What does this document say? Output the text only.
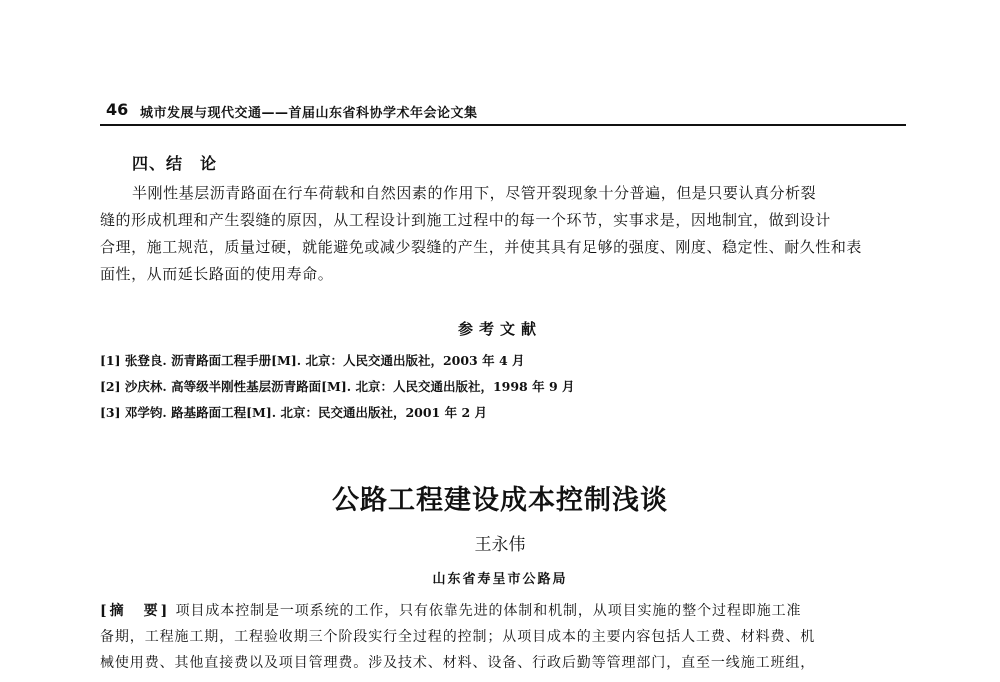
46 城市发展与现代交通——首届山东省科协学术年会论文集
四、结　论

半刚性基层沥青路面在行车荷载和自然因素的作用下，尽管开裂现象十分普遍，但是只要认真分析裂
缝的形成机理和产生裂缝的原因，从工程设计到施工过程中的每一个环节，实事求是，因地制宜，做到设计
合理，施工规范，质量过硬，就能避免或减少裂缝的产生，并使其具有足够的强度、刚度、稳定性、耐久性和表
面性，从而延长路面的使用寿命。

参考文献
[1] 张登良. 沥青路面工程手册[M]. 北京：人民交通出版社，2003 年 4 月
[2] 沙庆林. 高等级半刚性基层沥青路面[M]. 北京：人民交通出版社，1998 年 9 月
[3] 邓学钧. 路基路面工程[M]. 北京：民交通出版社，2001 年 2 月
公路工程建设成本控制浅谈
王永伟
山东省寿呈市公路局

[摘　要] 项目成本控制是一项系统的工作，只有依靠先进的体制和机制，从项目实施的整个过程即施工准
备期，工程施工期，工程验收期三个阶段实行全过程的控制；从项目成本的主要内容包括人工费、材料费、机
械使用费、其他直接费以及项目管理费。涉及技术、材料、设备、行政后勤等管理部门，直至一线施工班组，
